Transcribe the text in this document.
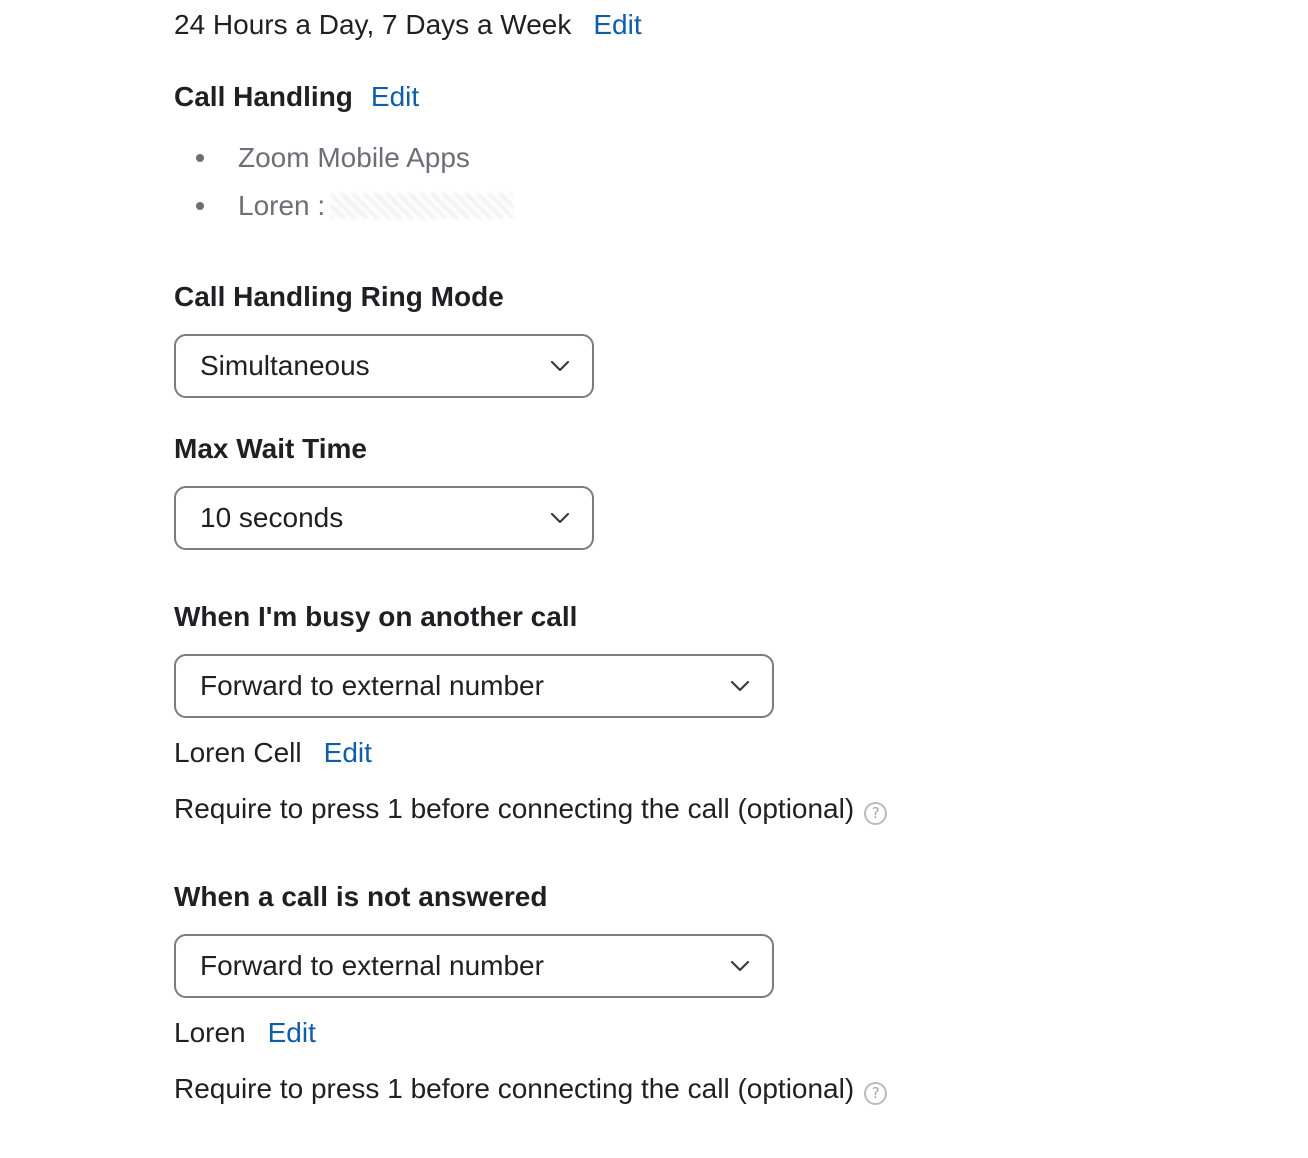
24 Hours a Day, 7 Days a Week Edit
Call Handling Edit
Zoom Mobile Apps
Loren :
Call Handling Ring Mode
Simultaneous
Max Wait Time
10 seconds
When I'm busy on another call
Forward to external number
Loren Cell Edit
Require to press 1 before connecting the call (optional) ?
When a call is not answered
Forward to external number
Loren Edit
Require to press 1 before connecting the call (optional) ?
